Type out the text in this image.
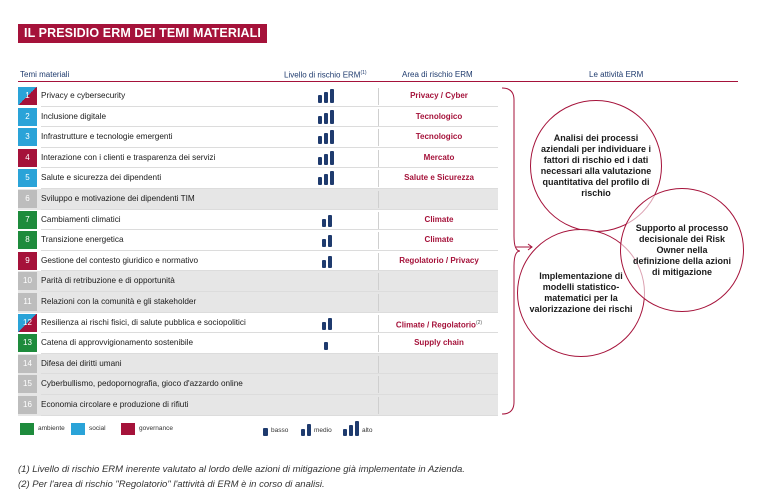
IL PRESIDIO ERM DEI TEMI MATERIALI
Temi materiali	Livello di rischio ERM$^{(1)}$	Area di rischio ERM	Le attività ERM
1	Privacy e cybersecurity	Privacy / Cyber
2	Inclusione digitale	Tecnologico
3	Infrastrutture e tecnologie emergenti	Tecnologico
4	Interazione con i clienti e trasparenza dei servizi	Mercato
5	Salute e sicurezza dei dipendenti	Salute e Sicurezza
6	Sviluppo e motivazione dei dipendenti TIM
7	Cambiamenti climatici	Climate
8	Transizione energetica	Climate
9	Gestione del contesto giuridico e normativo	Regolatorio / Privacy
10	Parità di retribuzione e di opportunità
11	Relazioni con la comunità e gli stakeholder
12	Resilienza ai rischi fisici, di salute pubblica e sociopolitici	Climate / Regolatorio$^{(2)}$
13	Catena di approvvigionamento sostenibile	Supply chain
14	Difesa dei diritti umani
15	Cyberbullismo, pedopornografia, gioco d'azzardo online
16	Economia circolare e produzione di rifiuti
Analisi dei processi aziendali per individuare i fattori di rischio ed i dati necessari alla valutazione quantitativa del profilo di rischio
Implementazione di modelli statistico-matematici per la valorizzazione dei rischi
Supporto al processo decisionale dei Risk Owner nella definizione della azioni di mitigazione
ambiente	social	governance	basso	medio	alto
(1) Livello di rischio ERM inerente valutato al lordo delle azioni di mitigazione già implementate in Azienda.
(2) Per l'area di rischio "Regolatorio" l'attività di ERM è in corso di analisi.
